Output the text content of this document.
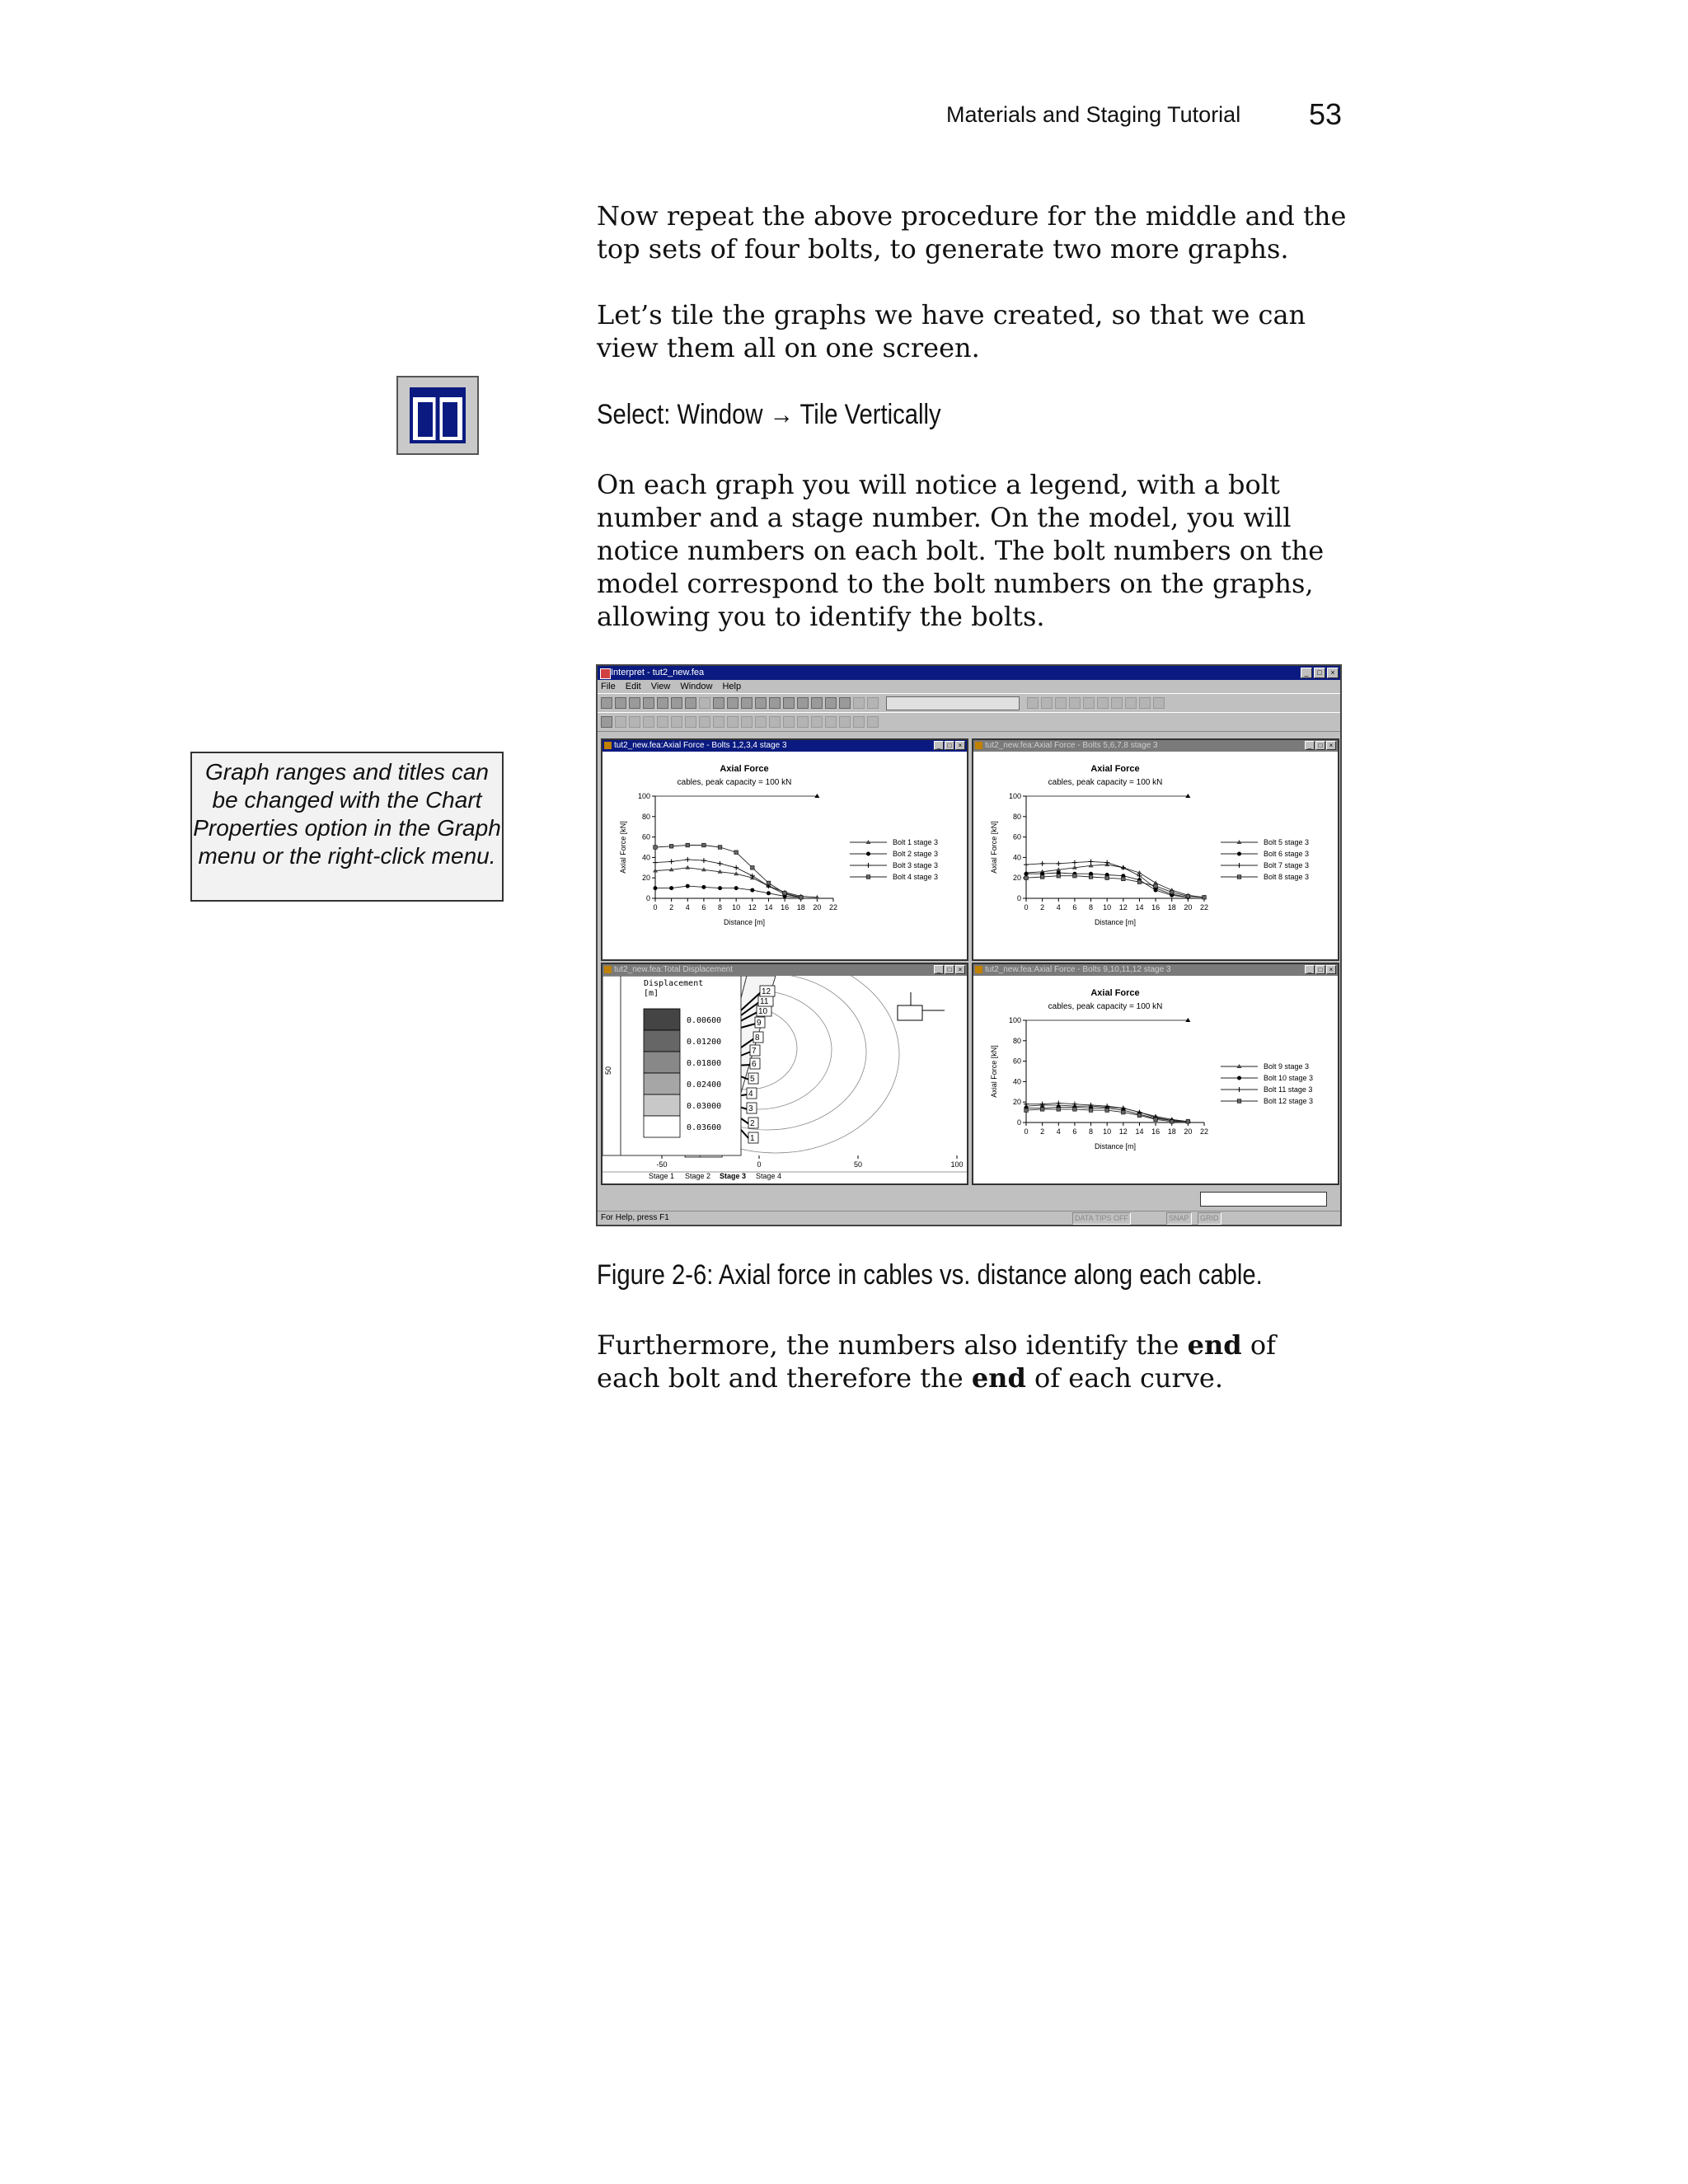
Materials and Staging Tutorial 53

Now repeat the above procedure for the middle and the top sets of four bolts, to generate two more graphs.

Let’s tile the graphs we have created, so that we can view them all on one screen.

Select: Window → Tile Vertically

On each graph you will notice a legend, with a bolt number and a stage number. On the model, you will notice numbers on each bolt. The bolt numbers on the model correspond to the bolt numbers on the graphs, allowing you to identify the bolts.

Graph ranges and titles can be changed with the Chart Properties option in the Graph menu or the right-click menu.
Interpret - tut2_new.fea	_	□	×
File Edit View Window Help
tut2_new.fea:Axial Force - Bolts 1,2,3,4 stage 3	_	□	×
Axial Force
cables, peak capacity = 100 kN
0
20
40
60
80
100
0 2 4 6 8 10 12 14 16 18 20 22
Distance [m]
Axial Force [kN]	Bolt 1 stage 3
Bolt 2 stage 3
Bolt 3 stage 3
Bolt 4 stage 3
tut2_new.fea:Axial Force - Bolts 5,6,7,8 stage 3	_	□	×
Axial Force
cables, peak capacity = 100 kN
0
20
40
60
80
100
0 2 4 6 8 10 12 14 16 18 20 22
Distance [m]
Axial Force [kN]	Bolt 5 stage 3
Bolt 6 stage 3
Bolt 7 stage 3
Bolt 8 stage 3
tut2_new.fea:Total Displacement	_	□	×
1
2
3
4
5
6
7
8
9
10
11
12
Displacement
[m]
0.00600
0.01200
0.01800
0.02400
0.03000
0.03600
50
-50	0	50	100
Stage 1 Stage 2 Stage 3 Stage 4
tut2_new.fea:Axial Force - Bolts 9,10,11,12 stage 3	_	□	×
Axial Force
cables, peak capacity = 100 kN
0
20
40
60
80
100
0 2 4 6 8 10 12 14 16 18 20 22
Distance [m]
Axial Force [kN]	Bolt 9 stage 3
Bolt 10 stage 3
Bolt 11 stage 3
Bolt 12 stage 3
For Help, press F1	DATA TIPS OFF	SNAP	GRID
Figure 2-6: Axial force in cables vs. distance along each cable.

Furthermore, the numbers also identify the end of each bolt and therefore the end of each curve.
